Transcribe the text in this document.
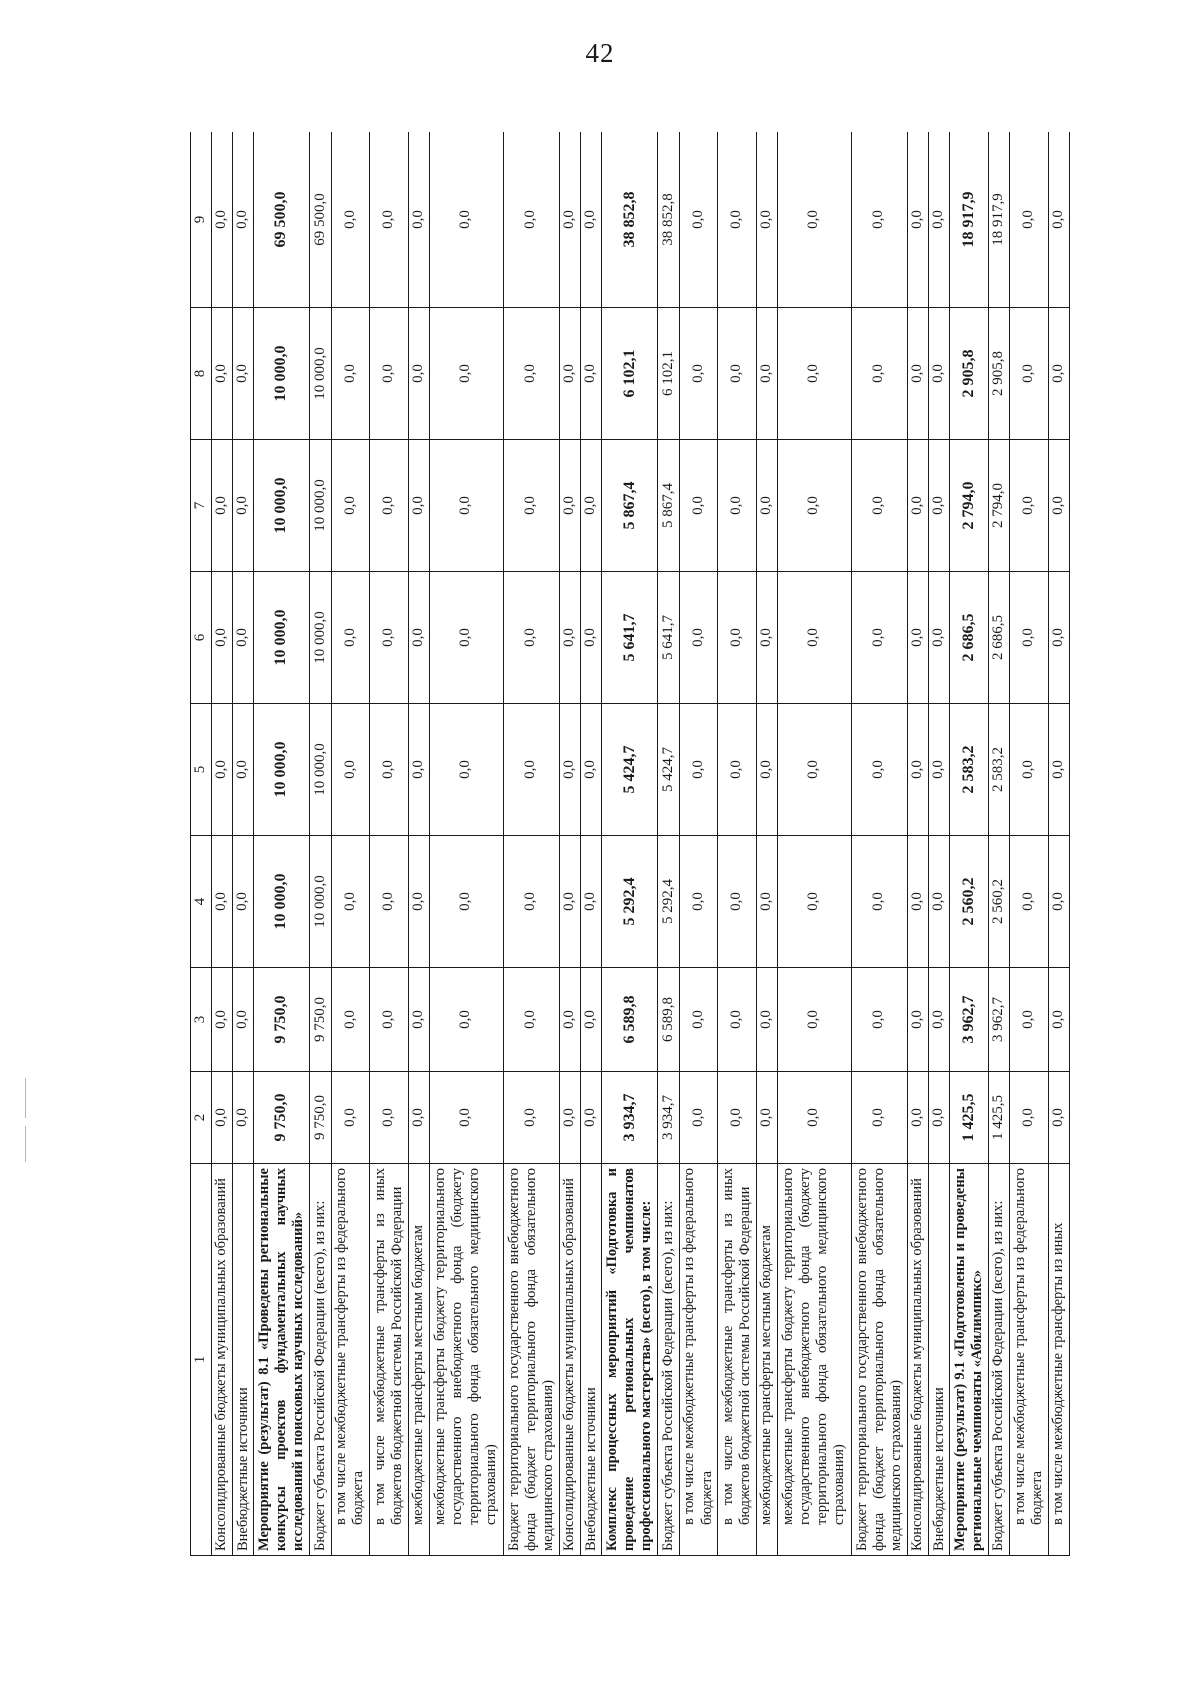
42
1	2	3	4	5	6	7	8	9
Консолидированные бюджеты муниципальных образований	0,0	0,0	0,0	0,0	0,0	0,0	0,0	0,0
Внебюджетные источники	0,0	0,0	0,0	0,0	0,0	0,0	0,0	0,0
Мероприятие (результат) 8.1 «Проведены региональные конкурсы проектов фундаментальных научных исследований и поисковых научных исследований»	9 750,0	9 750,0	10 000,0	10 000,0	10 000,0	10 000,0	10 000,0	69 500,0
Бюджет субъекта Российской Федерации (всего), из них:	9 750,0	9 750,0	10 000,0	10 000,0	10 000,0	10 000,0	10 000,0	69 500,0
в том числе межбюджетные трансферты из федерального бюджета	0,0	0,0	0,0	0,0	0,0	0,0	0,0	0,0
в том числе межбюджетные трансферты из иных бюджетов бюджетной системы Российской Федерации	0,0	0,0	0,0	0,0	0,0	0,0	0,0	0,0
межбюджетные трансферты местным бюджетам	0,0	0,0	0,0	0,0	0,0	0,0	0,0	0,0
межбюджетные трансферты бюджету территориального государственного внебюджетного фонда (бюджету территориального фонда обязательного медицинского страхования)	0,0	0,0	0,0	0,0	0,0	0,0	0,0	0,0
Бюджет территориального государственного внебюджетного фонда (бюджет территориального фонда обязательного медицинского страхования)	0,0	0,0	0,0	0,0	0,0	0,0	0,0	0,0
Консолидированные бюджеты муниципальных образований	0,0	0,0	0,0	0,0	0,0	0,0	0,0	0,0
Внебюджетные источники	0,0	0,0	0,0	0,0	0,0	0,0	0,0	0,0
Комплекс процессных мероприятий «Подготовка и проведение региональных чемпионатов профессионального мастерства» (всего), в том числе:	3 934,7	6 589,8	5 292,4	5 424,7	5 641,7	5 867,4	6 102,1	38 852,8
Бюджет субъекта Российской Федерации (всего), из них:	3 934,7	6 589,8	5 292,4	5 424,7	5 641,7	5 867,4	6 102,1	38 852,8
в том числе межбюджетные трансферты из федерального бюджета	0,0	0,0	0,0	0,0	0,0	0,0	0,0	0,0
в том числе межбюджетные трансферты из иных бюджетов бюджетной системы Российской Федерации	0,0	0,0	0,0	0,0	0,0	0,0	0,0	0,0
межбюджетные трансферты местным бюджетам	0,0	0,0	0,0	0,0	0,0	0,0	0,0	0,0
межбюджетные трансферты бюджету территориального государственного внебюджетного фонда (бюджету территориального фонда обязательного медицинского страхования)	0,0	0,0	0,0	0,0	0,0	0,0	0,0	0,0
Бюджет территориального государственного внебюджетного фонда (бюджет территориального фонда обязательного медицинского страхования)	0,0	0,0	0,0	0,0	0,0	0,0	0,0	0,0
Консолидированные бюджеты муниципальных образований	0,0	0,0	0,0	0,0	0,0	0,0	0,0	0,0
Внебюджетные источники	0,0	0,0	0,0	0,0	0,0	0,0	0,0	0,0
Мероприятие (результат) 9.1 «Подготовлены и проведены региональные чемпионаты «Абилимпикс»	1 425,5	3 962,7	2 560,2	2 583,2	2 686,5	2 794,0	2 905,8	18 917,9
Бюджет субъекта Российской Федерации (всего), из них:	1 425,5	3 962,7	2 560,2	2 583,2	2 686,5	2 794,0	2 905,8	18 917,9
в том числе межбюджетные трансферты из федерального бюджета	0,0	0,0	0,0	0,0	0,0	0,0	0,0	0,0
в том числе межбюджетные трансферты из иных	0,0	0,0	0,0	0,0	0,0	0,0	0,0	0,0
